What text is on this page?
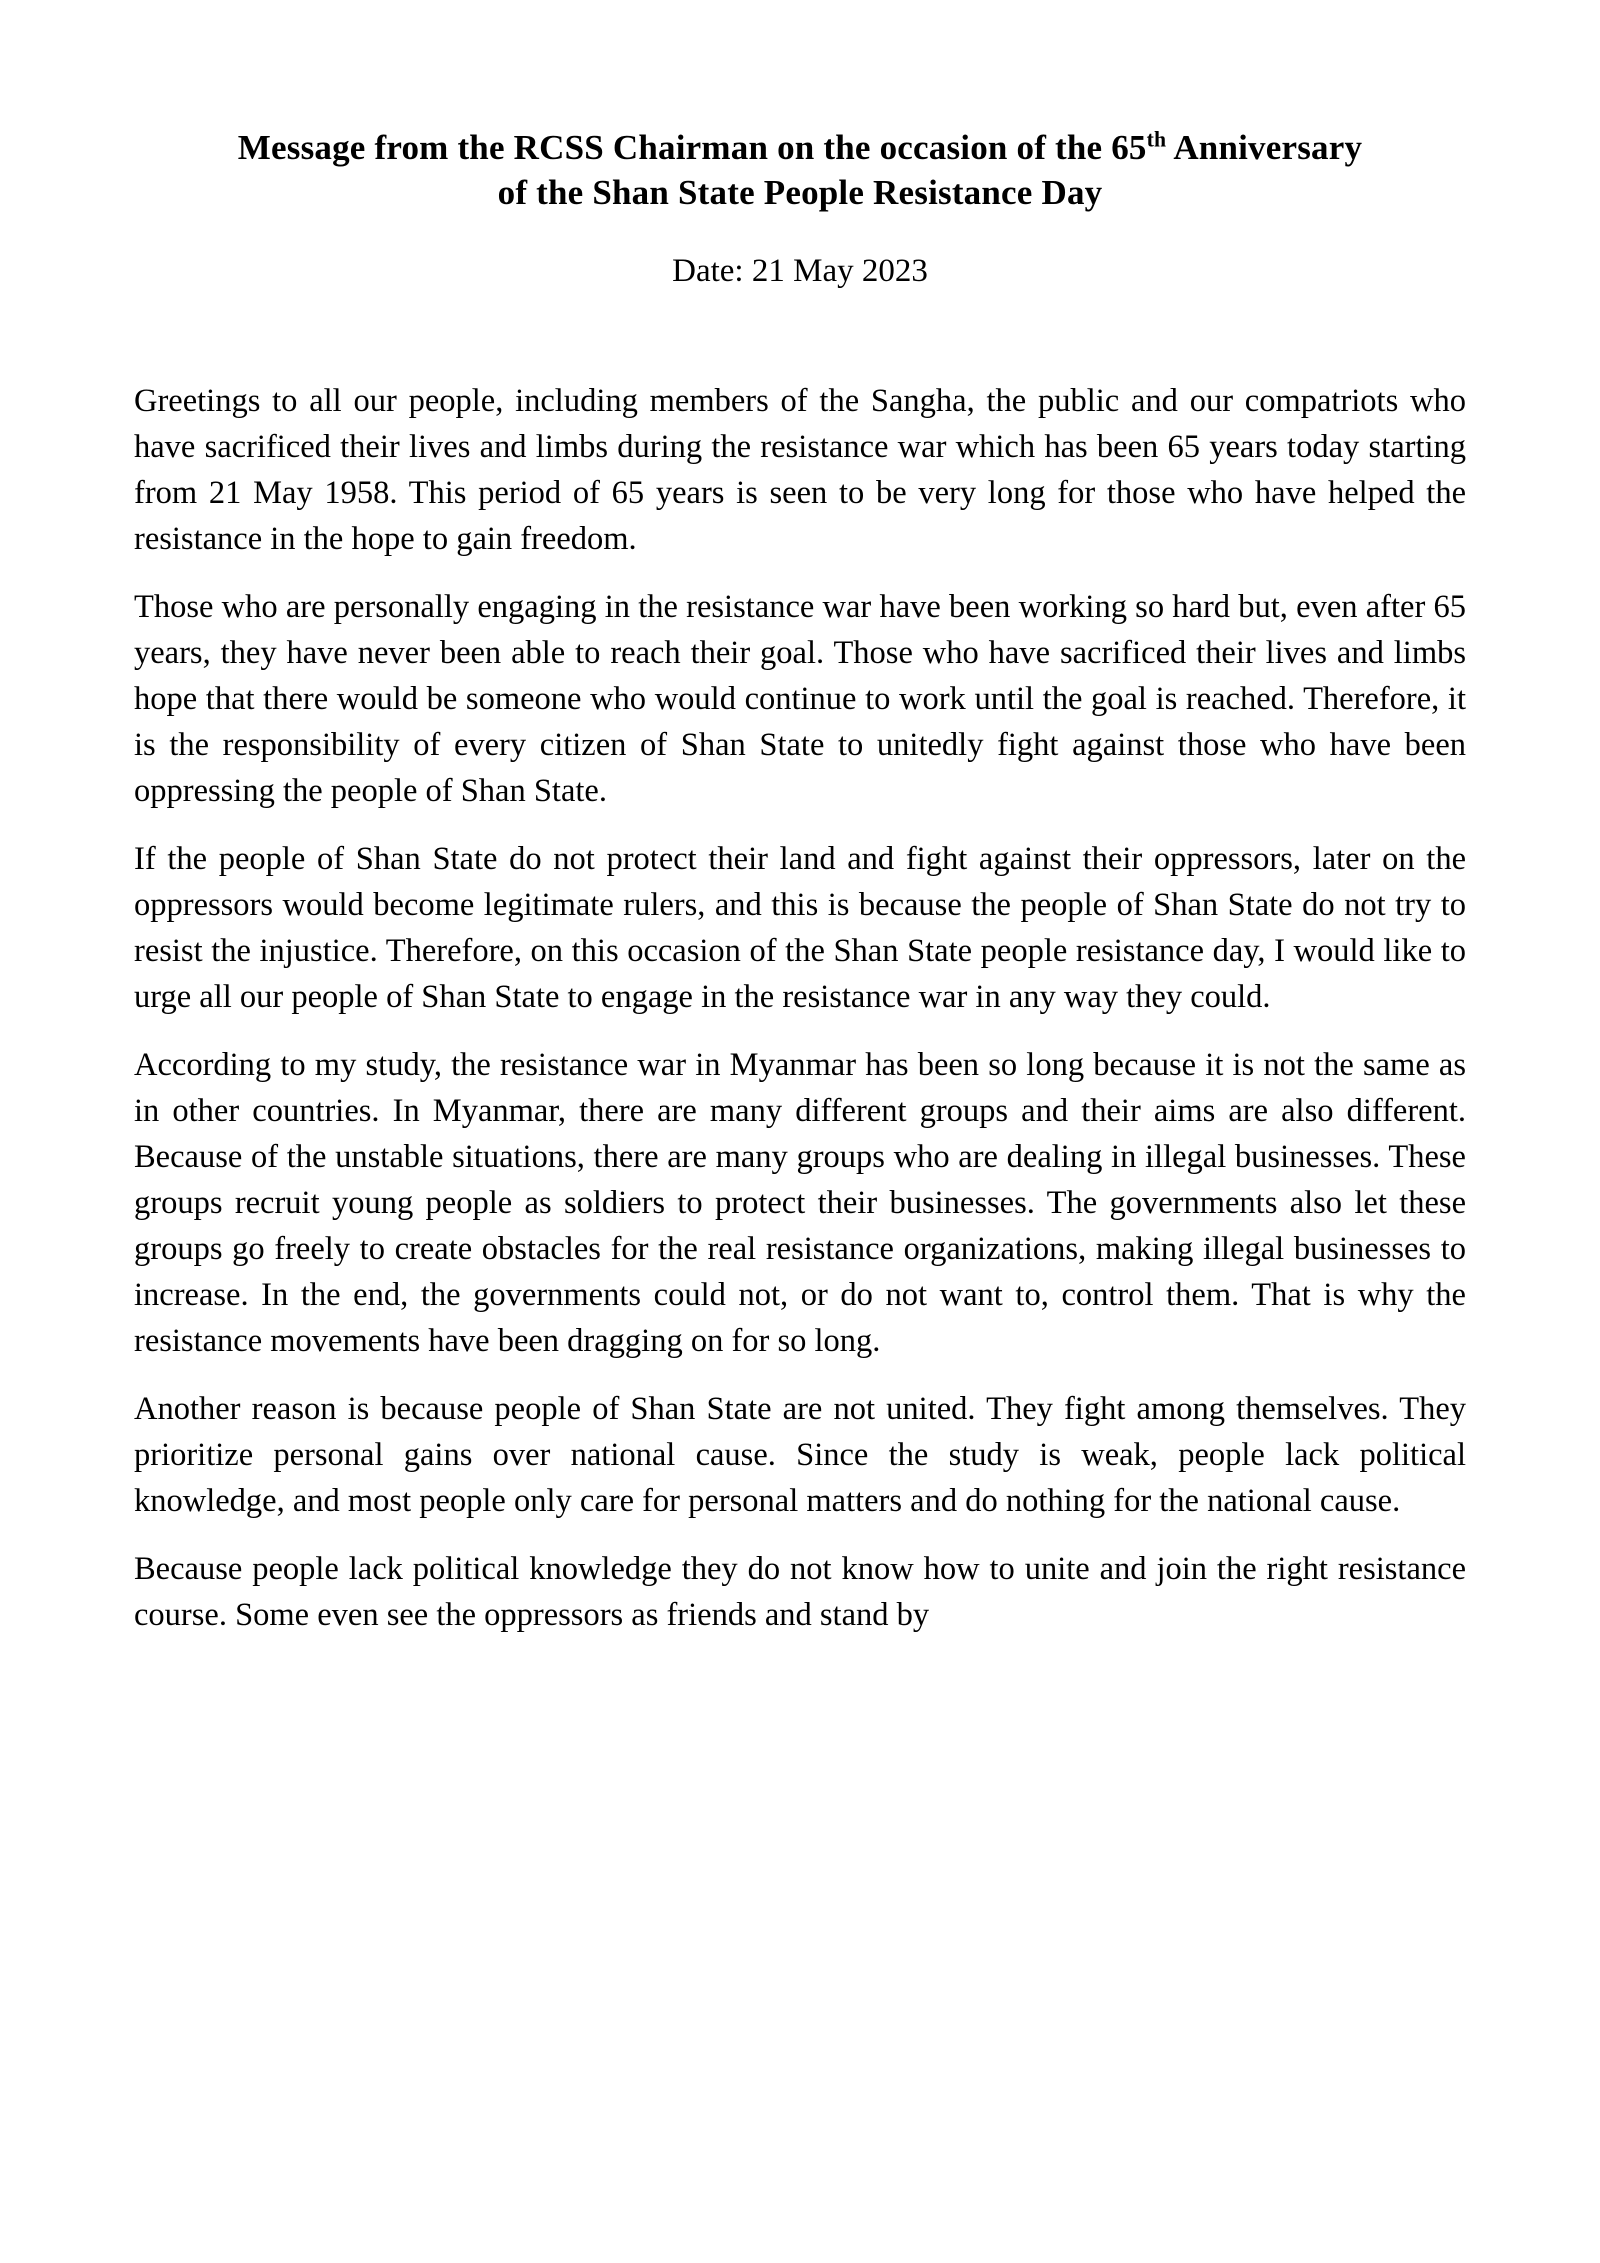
Message from the RCSS Chairman on the occasion of the 65th Anniversary
of the Shan State People Resistance Day
Date: 21 May 2023

Greetings to all our people, including members of the Sangha, the public and our compatriots who have sacrificed their lives and limbs during the resistance war which has been 65 years today starting from 21 May 1958. This period of 65 years is seen to be very long for those who have helped the resistance in the hope to gain freedom.

Those who are personally engaging in the resistance war have been working so hard but, even after 65 years, they have never been able to reach their goal. Those who have sacrificed their lives and limbs hope that there would be someone who would continue to work until the goal is reached. Therefore, it is the responsibility of every citizen of Shan State to unitedly fight against those who have been oppressing the people of Shan State.

If the people of Shan State do not protect their land and fight against their oppressors, later on the oppressors would become legitimate rulers, and this is because the people of Shan State do not try to resist the injustice. Therefore, on this occasion of the Shan State people resistance day, I would like to urge all our people of Shan State to engage in the resistance war in any way they could.

According to my study, the resistance war in Myanmar has been so long because it is not the same as in other countries. In Myanmar, there are many different groups and their aims are also different. Because of the unstable situations, there are many groups who are dealing in illegal businesses. These groups recruit young people as soldiers to protect their businesses. The governments also let these groups go freely to create obstacles for the real resistance organizations, making illegal businesses to increase. In the end, the governments could not, or do not want to, control them. That is why the resistance movements have been dragging on for so long.

Another reason is because people of Shan State are not united. They fight among themselves. They prioritize personal gains over national cause. Since the study is weak, people lack political knowledge, and most people only care for personal matters and do nothing for the national cause.

Because people lack political knowledge they do not know how to unite and join the right resistance course. Some even see the oppressors as friends and stand by
